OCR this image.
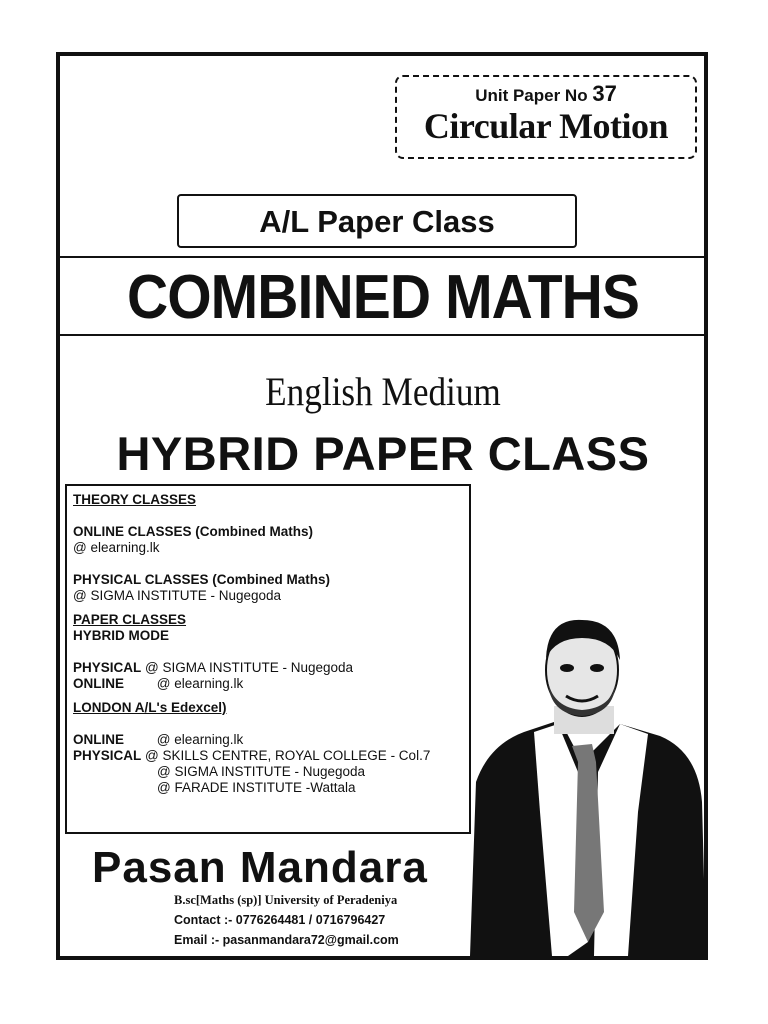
Unit Paper No 37
Circular Motion
A/L Paper Class
COMBINED MATHS
English Medium
HYBRID PAPER CLASS
THEORY CLASSES
ONLINE CLASSES (Combined Maths)
@ elearning.lk
PHYSICAL CLASSES (Combined Maths)
@ SIGMA INSTITUTE - Nugegoda
PAPER CLASSES
HYBRID MODE
PHYSICAL @ SIGMA INSTITUTE - Nugegoda
ONLINE @ elearning.lk
LONDON A/L's Edexcel)
ONLINE @ elearning.lk
PHYSICAL @ SKILLS CENTRE, ROYAL COLLEGE - Col.7
@ SIGMA INSTITUTE - Nugegoda
@ FARADE INSTITUTE -Wattala
Pasan Mandara
B.sc[Maths (sp)] University of Peradeniya
Contact :- 0776264481 / 0716796427
Email :- pasanmandara72@gmail.com
